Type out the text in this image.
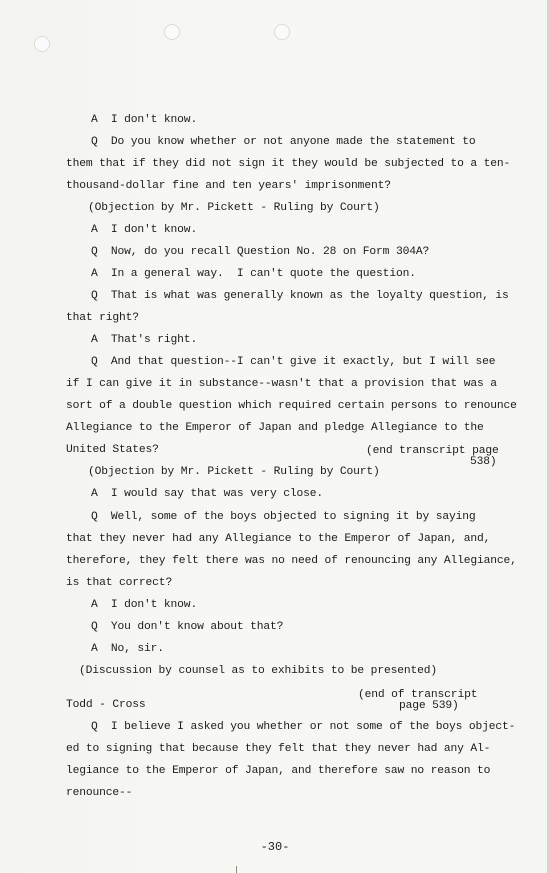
A  I don't know.
Q  Do you know whether or not anyone made the statement to
them that if they did not sign it they would be subjected to a ten-
thousand-dollar fine and ten years' imprisonment?
(Objection by Mr. Pickett - Ruling by Court)
A  I don't know.
Q  Now, do you recall Question No. 28 on Form 304A?
A  In a general way.  I can't quote the question.
Q  That is what was generally known as the loyalty question, is
that right?
A  That's right.
Q  And that question--I can't give it exactly, but I will see
if I can give it in substance--wasn't that a provision that was a
sort of a double question which required certain persons to renounce
Allegiance to the Emperor of Japan and pledge Allegiance to the
United States?	(end transcript page
538)
(Objection by Mr. Pickett - Ruling by Court)
A  I would say that was very close.
Q  Well, some of the boys objected to signing it by saying
that they never had any Allegiance to the Emperor of Japan, and,
therefore, they felt there was no need of renouncing any Allegiance,
is that correct?
A  I don't know.
Q  You don't know about that?
A  No, sir.
(Discussion by counsel as to exhibits to be presented)
(end of transcript
page 539)
Todd - Cross
Q  I believe I asked you whether or not some of the boys object-
ed to signing that because they felt that they never had any Al-
legiance to the Emperor of Japan, and therefore saw no reason to
renounce--
-30-
